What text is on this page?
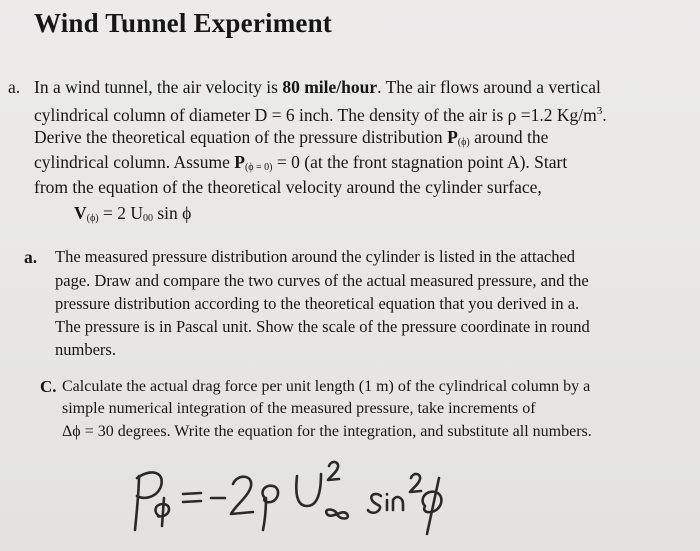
Wind Tunnel Experiment
a. In a wind tunnel, the air velocity is 80 mile/hour. The air flows around a vertical
cylindrical column of diameter D = 6 inch. The density of the air is ρ =1.2 $Kg/m^3$.
Derive the theoretical equation of the pressure distribution $P_{(\phi)}$ around the
cylindrical column. Assume $P_{(\phi = 0)} = 0$ (at the front stagnation point A). Start
from the equation of the theoretical velocity around the cylinder surface,
$V_{(\phi)} = 2$ $U_{00}$ sin ϕ
a. The measured pressure distribution around the cylinder is listed in the attached
page. Draw and compare the two curves of the actual measured pressure, and the
pressure distribution according to the theoretical equation that you derived in a.
The pressure is in Pascal unit. Show the scale of the pressure coordinate in round
numbers.
C. Calculate the actual drag force per unit length (1 m) of the cylindrical column by a
simple numerical integration of the measured pressure, take increments of
Δϕ = 30 degrees. Write the equation for the integration, and substitute all numbers.
